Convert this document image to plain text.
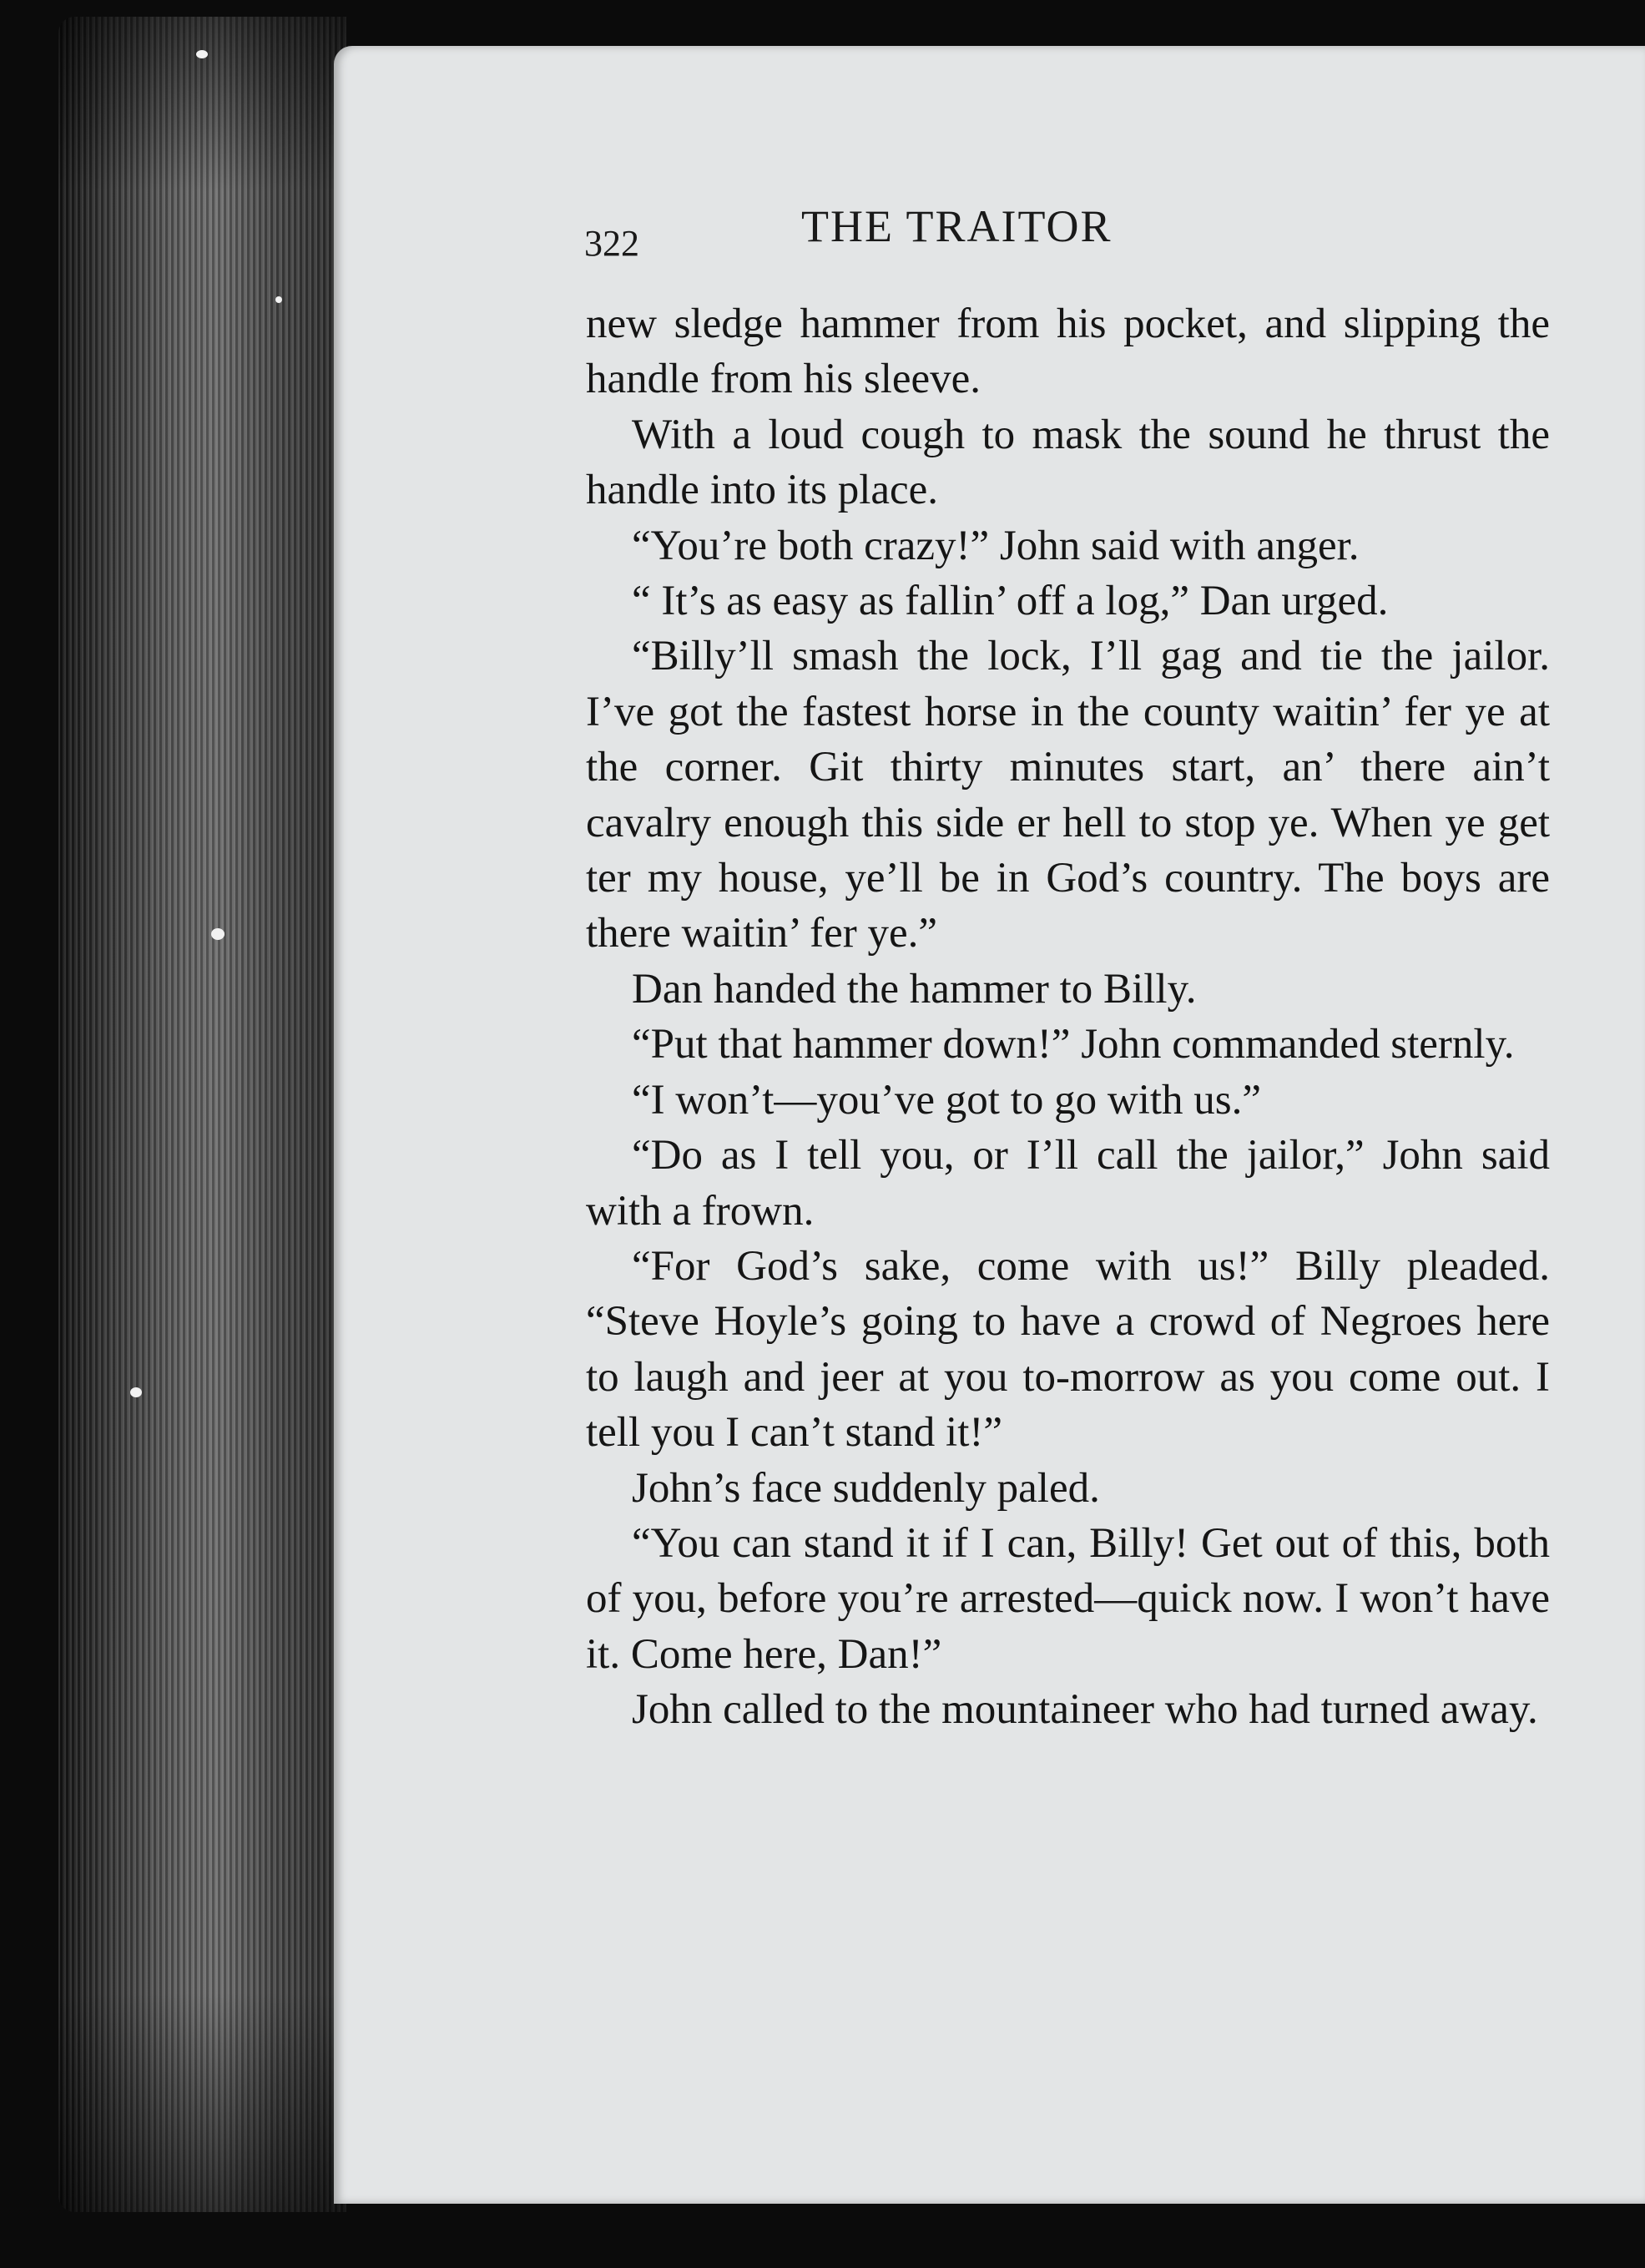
322	THE TRAITOR

new sledge hammer from his pocket, and slipping the handle from his sleeve.

With a loud cough to mask the sound he thrust the handle into its place.

“You’re both crazy!” John said with anger.

“ It’s as easy as fallin’ off a log,” Dan urged.

“Billy’ll smash the lock, I’ll gag and tie the jailor. I’ve got the fastest horse in the county waitin’ fer ye at the corner. Git thirty minutes start, an’ there ain’t cavalry enough this side er hell to stop ye. When ye get ter my house, ye’ll be in God’s country. The boys are there waitin’ fer ye.”

Dan handed the hammer to Billy.

“Put that hammer down!” John commanded sternly.

“I won’t—you’ve got to go with us.”

“Do as I tell you, or I’ll call the jailor,” John said with a frown.

“For God’s sake, come with us!” Billy pleaded. “Steve Hoyle’s going to have a crowd of Negroes here to laugh and jeer at you to-morrow as you come out. I tell you I can’t stand it!”

John’s face suddenly paled.

“You can stand it if I can, Billy! Get out of this, both of you, before you’re arrested—quick now. I won’t have it. Come here, Dan!”

John called to the mountaineer who had turned away.
